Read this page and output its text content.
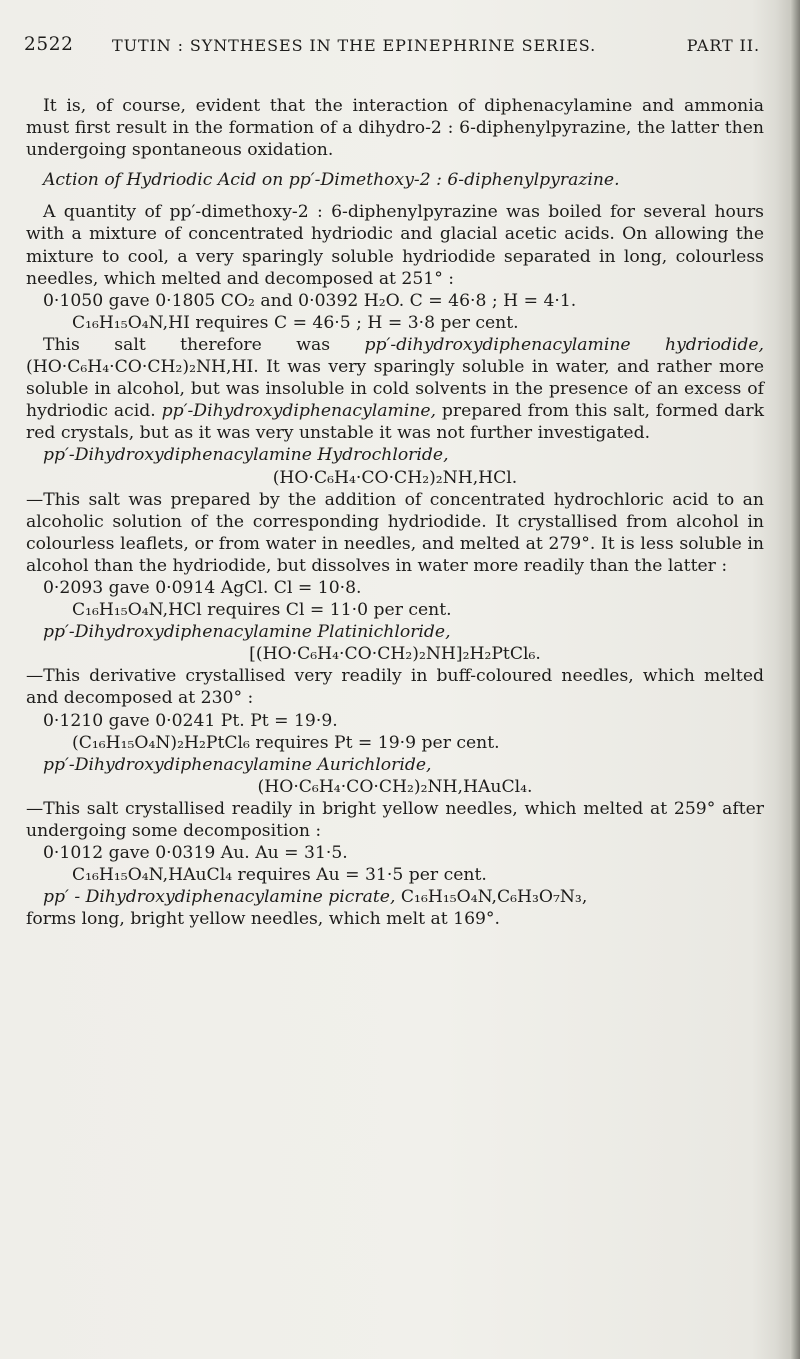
2522 TUTIN : SYNTHESES IN THE EPINEPHRINE SERIES.	PART II.

It is, of course, evident that the interaction of diphenacylamine and ammonia must first result in the formation of a dihydro-2 : 6-diphenylpyrazine, the latter then undergoing spontaneous oxidation.

Action of Hydriodic Acid on pp′-Dimethoxy-2 : 6-diphenylpyrazine.

A quantity of pp′-dimethoxy-2 : 6-diphenylpyrazine was boiled for several hours with a mixture of concentrated hydriodic and glacial acetic acids. On allowing the mixture to cool, a very sparingly soluble hydriodide separated in long, colourless needles, which melted and decomposed at 251° :

0·1050 gave 0·1805 CO₂ and 0·0392 H₂O. C = 46·8 ; H = 4·1.

C₁₆H₁₅O₄N,HI requires C = 46·5 ; H = 3·8 per cent.

This salt therefore was pp′-dihydroxydiphenacylamine hydriodide, (HO·C₆H₄·CO·CH₂)₂NH,HI. It was very sparingly soluble in water, and rather more soluble in alcohol, but was insoluble in cold solvents in the presence of an excess of hydriodic acid. pp′-Dihydroxydiphenacylamine, prepared from this salt, formed dark red crystals, but as it was very unstable it was not further investigated.

pp′-Dihydroxydiphenacylamine Hydrochloride,

(HO·C₆H₄·CO·CH₂)₂NH,HCl.

—This salt was prepared by the addition of concentrated hydrochloric acid to an alcoholic solution of the corresponding hydriodide. It crystallised from alcohol in colourless leaflets, or from water in needles, and melted at 279°. It is less soluble in alcohol than the hydriodide, but dissolves in water more readily than the latter :

0·2093 gave 0·0914 AgCl. Cl = 10·8.

C₁₆H₁₅O₄N,HCl requires Cl = 11·0 per cent.

pp′-Dihydroxydiphenacylamine Platinichloride,

[(HO·C₆H₄·CO·CH₂)₂NH]₂H₂PtCl₆.

—This derivative crystallised very readily in buff-coloured needles, which melted and decomposed at 230° :

0·1210 gave 0·0241 Pt. Pt = 19·9.

(C₁₆H₁₅O₄N)₂H₂PtCl₆ requires Pt = 19·9 per cent.

pp′-Dihydroxydiphenacylamine Aurichloride,

(HO·C₆H₄·CO·CH₂)₂NH,HAuCl₄.

—This salt crystallised readily in bright yellow needles, which melted at 259° after undergoing some decomposition :

0·1012 gave 0·0319 Au. Au = 31·5.

C₁₆H₁₅O₄N,HAuCl₄ requires Au = 31·5 per cent.

pp′ - Dihydroxydiphenacylamine picrate, C₁₆H₁₅O₄N,C₆H₃O₇N₃,

forms long, bright yellow needles, which melt at 169°.
